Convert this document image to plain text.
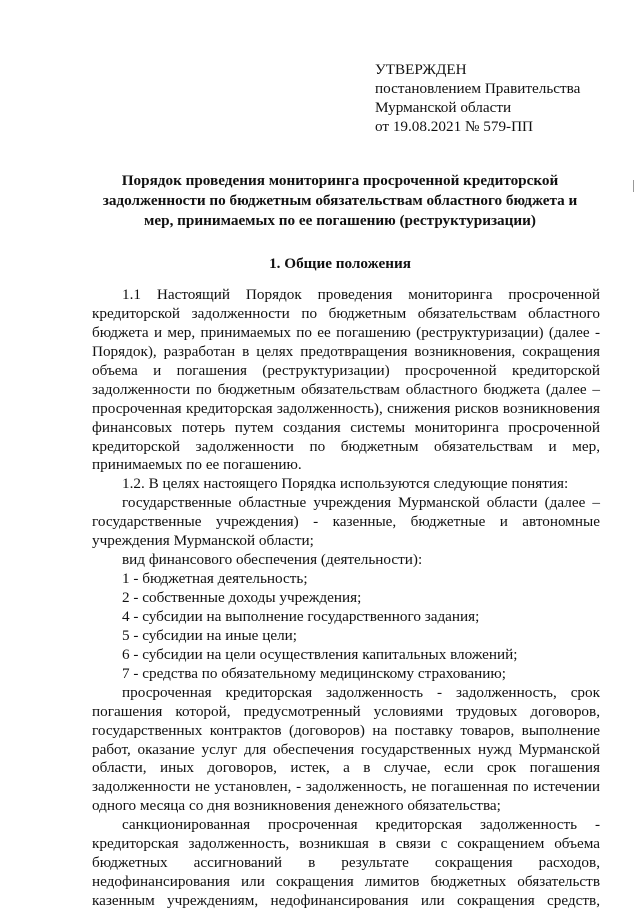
УТВЕРЖДЕН
постановлением Правительства
Мурманской области
от 19.08.2021 № 579-ПП
Порядок проведения мониторинга просроченной кредиторской
задолженности по бюджетным обязательствам областного бюджета и
мер, принимаемых по ее погашению (реструктуризации)
1. Общие положения
1.1 Настоящий Порядок проведения мониторинга просроченной
кредиторской задолженности по бюджетным обязательствам областного
бюджета и мер, принимаемых по ее погашению (реструктуризации) (далее -
Порядок), разработан в целях предотвращения возникновения, сокращения
объема и погашения (реструктуризации) просроченной кредиторской
задолженности по бюджетным обязательствам областного бюджета (далее –
просроченная кредиторская задолженность), снижения рисков возникновения
финансовых потерь путем создания системы мониторинга просроченной
кредиторской задолженности по бюджетным обязательствам и мер,
принимаемых по ее погашению.
1.2. В целях настоящего Порядка используются следующие понятия:
государственные областные учреждения Мурманской области (далее –
государственные учреждения) - казенные, бюджетные и автономные
учреждения Мурманской области;
вид финансового обеспечения (деятельности):
1 - бюджетная деятельность;
2 - собственные доходы учреждения;
4 - субсидии на выполнение государственного задания;
5 - субсидии на иные цели;
6 - субсидии на цели осуществления капитальных вложений;
7 - средства по обязательному медицинскому страхованию;
просроченная кредиторская задолженность - задолженность, срок
погашения которой, предусмотренный условиями трудовых договоров,
государственных контрактов (договоров) на поставку товаров, выполнение
работ, оказание услуг для обеспечения государственных нужд Мурманской
области, иных договоров, истек, а в случае, если срок погашения
задолженности не установлен, - задолженность, не погашенная по истечении
одного месяца со дня возникновения денежного обязательства;
санкционированная просроченная кредиторская задолженность -
кредиторская задолженность, возникшая в связи с сокращением объема
бюджетных ассигнований в результате сокращения расходов,
недофинансирования или сокращения лимитов бюджетных обязательств
казенным учреждениям, недофинансирования или сокращения средств,
